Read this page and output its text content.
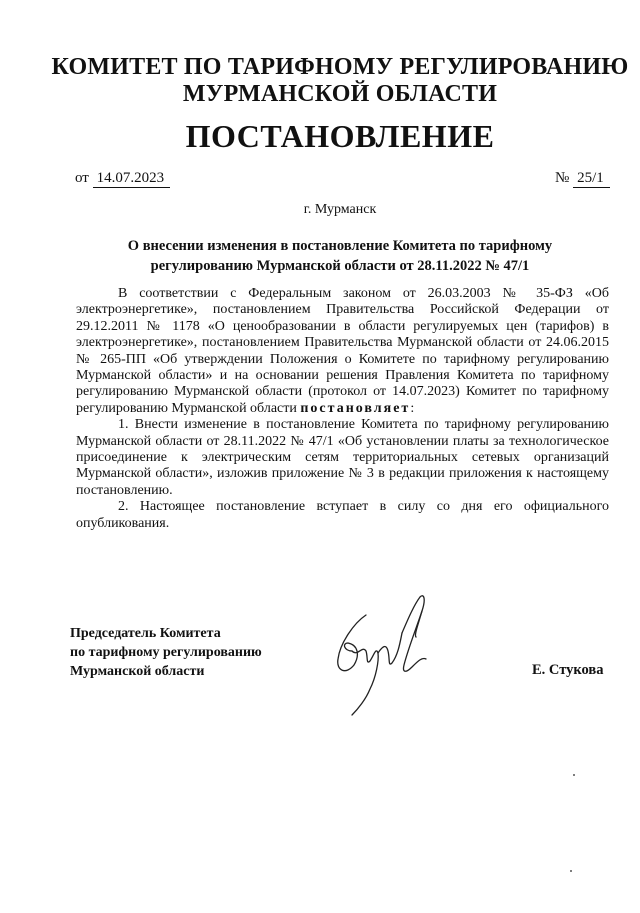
КОМИТЕТ ПО ТАРИФНОМУ РЕГУЛИРОВАНИЮ
МУРМАНСКОЙ ОБЛАСТИ
ПОСТАНОВЛЕНИЕ
от 14.07.2023	№ 25/1
г. Мурманск
О внесении изменения в постановление Комитета по тарифному
регулированию Мурманской области от 28.11.2022 № 47/1

В соответствии с Федеральным законом от 26.03.2003 № 35-ФЗ «Об электроэнергетике», постановлением Правительства Российской Федерации от 29.12.2011 № 1178 «О ценообразовании в области регулируемых цен (тарифов) в электроэнергетике», постановлением Правительства Мурманской области от 24.06.2015 № 265-ПП «Об утверждении Положения о Комитете по тарифному регулированию Мурманской области» и на основании решения Правления Комитета по тарифному регулированию Мурманской области (протокол от 14.07.2023) Комитет по тарифному регулированию Мурманской области постановляет:

1. Внести изменение в постановление Комитета по тарифному регулированию Мурманской области от 28.11.2022 № 47/1 «Об установлении платы за технологическое присоединение к электрическим сетям территориальных сетевых организаций Мурманской области», изложив приложение № 3 в редакции приложения к настоящему постановлению.

2. Настоящее постановление вступает в силу со дня его официального опубликования.

Председатель Комитета
по тарифному регулированию
Мурманской области	Е. Стукова
